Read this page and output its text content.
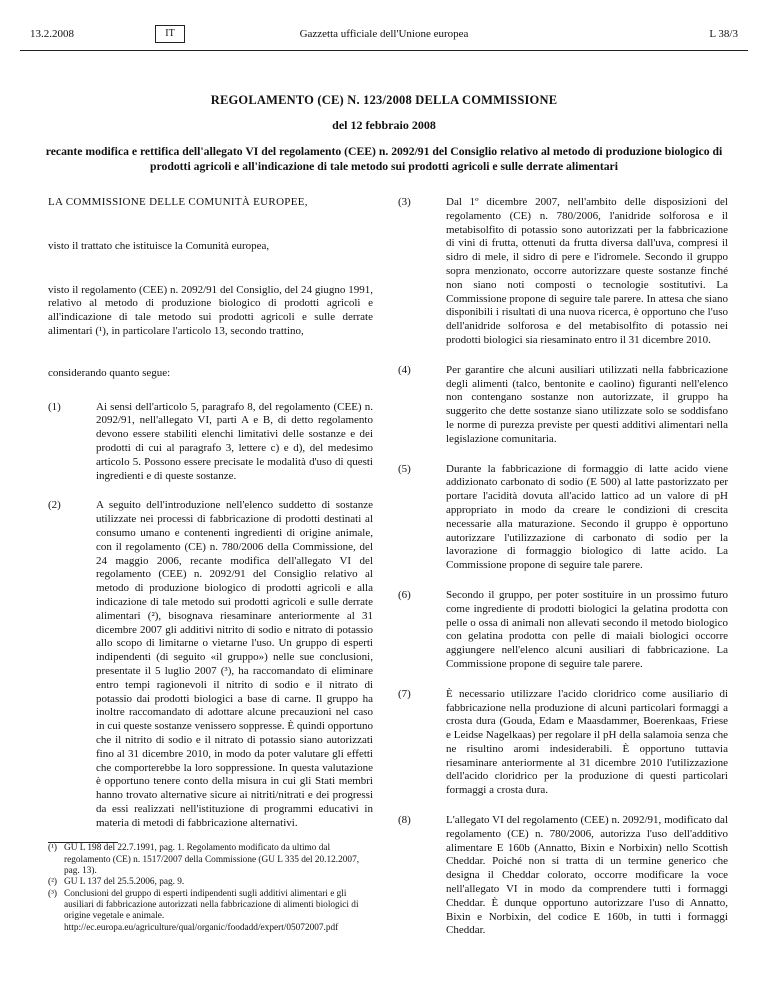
13.2.2008	IT	Gazzetta ufficiale dell'Unione europea	L 38/3

REGOLAMENTO (CE) N. 123/2008 DELLA COMMISSIONE

del 12 febbraio 2008

recante modifica e rettifica dell'allegato VI del regolamento (CEE) n. 2092/91 del Consiglio relativo al metodo di produzione biologico di prodotti agricoli e all'indicazione di tale metodo sui prodotti agricoli e sulle derrate alimentari

LA COMMISSIONE DELLE COMUNITÀ EUROPEE,

visto il trattato che istituisce la Comunità europea,

visto il regolamento (CEE) n. 2092/91 del Consiglio, del 24 giugno 1991, relativo al metodo di produzione biologico di prodotti agricoli e all'indicazione di tale metodo sui prodotti agricoli e sulle derrate alimentari (¹), in particolare l'articolo 13, secondo trattino,

considerando quanto segue:

(1)	Ai sensi dell'articolo 5, paragrafo 8, del regolamento (CEE) n. 2092/91, nell'allegato VI, parti A e B, di detto regolamento devono essere stabiliti elenchi limitativi delle sostanze e dei prodotti di cui al paragrafo 3, lettere c) e d), del medesimo articolo 5. Possono essere precisate le modalità d'uso di questi ingredienti e di queste sostanze.
(2)	A seguito dell'introduzione nell'elenco suddetto di sostanze utilizzate nei processi di fabbricazione di prodotti destinati al consumo umano e contenenti ingredienti di origine animale, con il regolamento (CE) n. 780/2006 della Commissione, del 24 maggio 2006, recante modifica dell'allegato VI del regolamento (CEE) n. 2092/91 del Consiglio relativo al metodo di produzione biologico di prodotti agricoli e alla indicazione di tale metodo sui prodotti agricoli e sulle derrate alimentari (²), bisognava riesaminare anteriormente al 31 dicembre 2007 gli additivi nitrito di sodio e nitrato di potassio allo scopo di limitarne o vietarne l'uso. Un gruppo di esperti indipendenti (di seguito «il gruppo») nelle sue conclusioni, presentate il 5 luglio 2007 (³), ha raccomandato di eliminare entro tempi ragionevoli il nitrito di sodio e il nitrato di potassio dai prodotti biologici a base di carne. Il gruppo ha inoltre raccomandato di adottare alcune precauzioni nel caso in cui queste sostanze venissero soppresse. È quindi opportuno che il nitrito di sodio e il nitrato di potassio siano autorizzati fino al 31 dicembre 2010, in modo da poter valutare gli effetti che comporterebbe la loro soppressione. In questa valutazione è opportuno tenere conto della misura in cui gli Stati membri hanno trovato alternative sicure ai nitriti/nitrati e dei progressi da essi realizzati nell'istituzione di programmi educativi in materia di metodi di fabbricazione alternativi.
(¹) GU L 198 del 22.7.1991, pag. 1. Regolamento modificato da ultimo dal regolamento (CE) n. 1517/2007 della Commissione (GU L 335 del 20.12.2007, pag. 13).
(²) GU L 137 del 25.5.2006, pag. 9.
(³) Conclusioni del gruppo di esperti indipendenti sugli additivi alimentari e gli ausiliari di fabbricazione autorizzati nella fabbricazione di alimenti biologici di origine vegetale e animale. http://ec.europa.eu/agriculture/qual/organic/foodadd/expert/05072007.pdf
(3)	Dal 1º dicembre 2007, nell'ambito delle disposizioni del regolamento (CE) n. 780/2006, l'anidride solforosa e il metabisolfito di potassio sono autorizzati per la fabbricazione di vini di frutta, ottenuti da frutta diversa dall'uva, compresi il sidro di mele, il sidro di pere e l'idromele. Secondo il gruppo sopra menzionato, occorre autorizzare queste sostanze finché non siano noti composti o tecnologie sostitutivi. La Commissione propone di seguire tale parere. In attesa che siano disponibili i risultati di una nuova ricerca, è opportuno che l'uso dell'anidride solforosa e del metabisolfito di potassio nei prodotti biologici sia riesaminato entro il 31 dicembre 2010.
(4)	Per garantire che alcuni ausiliari utilizzati nella fabbricazione degli alimenti (talco, bentonite e caolino) figuranti nell'elenco non contengano sostanze non autorizzate, il gruppo ha suggerito che dette sostanze siano utilizzate solo se soddisfano le norme di purezza previste per questi additivi alimentari nella legislazione comunitaria.
(5)	Durante la fabbricazione di formaggio di latte acido viene addizionato carbonato di sodio (E 500) al latte pastorizzato per portare l'acidità dovuta all'acido lattico ad un valore di pH appropriato in modo da creare le condizioni di crescita necessarie alla maturazione. Secondo il gruppo è opportuno autorizzare l'utilizzazione di carbonato di sodio per la lavorazione di formaggio biologico di latte acido. La Commissione propone di seguire tale parere.
(6)	Secondo il gruppo, per poter sostituire in un prossimo futuro come ingrediente di prodotti biologici la gelatina prodotta con pelle o ossa di animali non allevati secondo il metodo biologico con gelatina prodotta con pelle di maiali biologici occorre aggiungere nell'elenco alcuni ausiliari di fabbricazione. La Commissione propone di seguire tale parere.
(7)	È necessario utilizzare l'acido cloridrico come ausiliario di fabbricazione nella produzione di alcuni particolari formaggi a crosta dura (Gouda, Edam e Maasdammer, Boerenkaas, Friese e Leidse Nagelkaas) per regolare il pH della salamoia senza che ne risultino aromi indesiderabili. È opportuno tuttavia riesaminare anteriormente al 31 dicembre 2010 l'utilizzazione dell'acido cloridrico per la produzione di questi particolari formaggi a crosta dura.
(8)	L'allegato VI del regolamento (CEE) n. 2092/91, modificato dal regolamento (CE) n. 780/2006, autorizza l'uso dell'additivo alimentare E 160b (Annatto, Bixin e Norbixin) nello Scottish Cheddar. Poiché non si tratta di un termine generico che designa il Cheddar colorato, occorre modificare la voce nell'allegato VI in modo da comprendere tutti i formaggi Cheddar. È dunque opportuno autorizzare l'uso di Annatto, Bixin e Norbixin, del codice E 160b, in tutti i formaggi Cheddar.
